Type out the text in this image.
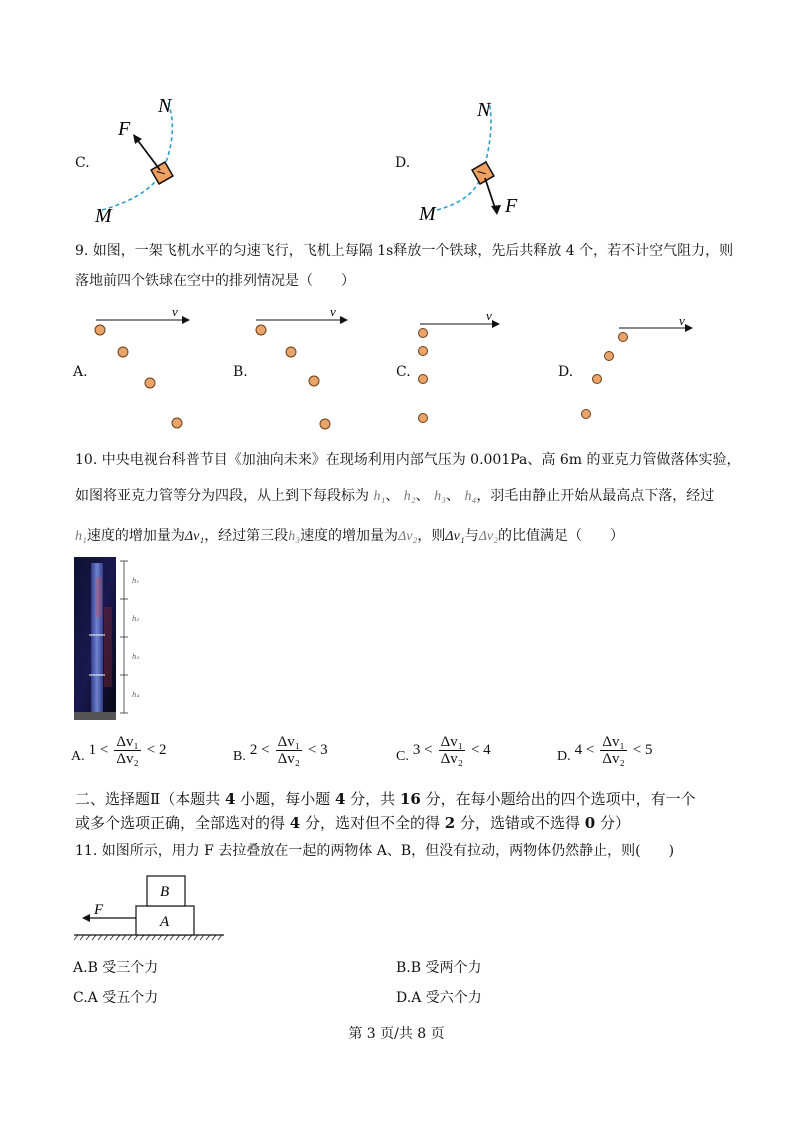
C.
F
N
M
D.
F
N
M
9. 如图，一架飞机水平的匀速飞行，飞机上每隔 1s释放一个铁球，先后共释放 4 个，若不计空气阻力，则
落地前四个铁球在空中的排列情况是（　　）
A.
v
B.
v
C.
v
D.
v
10. 中央电视台科普节目《加油向未来》在现场利用内部气压为 0.001Pa、高 6m 的亚克力管做落体实验，
如图将亚克力管等分为四段，从上到下每段标为 h₁、 h₂、 h₃、 h₄，羽毛由静止开始从最高点下落，经过
h₁速度的增加量为Δv₁，经过第三段h₃速度的增加量为Δv₂，则Δv₁与Δv₂的比值满足（　　）
h₁
h₂
h₃
h₄
A. $1 < \frac{\text{Δv₁}}{\text{Δv₂}} < 2$	B. $2 < \frac{\text{Δv₁}}{\text{Δv₂}} < 3$	C. $3 < \frac{\text{Δv₁}}{\text{Δv₂}} < 4$	D. $4 < \frac{\text{Δv₁}}{\text{Δv₂}} < 5$
二、选择题Ⅱ（本题共 4 小题，每小题 4 分，共 16 分，在每小题给出的四个选项中，有一个
或多个选项正确，全部选对的得 4 分，选对但不全的得 2 分，选错或不选得 0 分）
11. 如图所示，用力 F 去拉叠放在一起的两物体 A、B，但没有拉动，两物体仍然静止，则(　　)
B
A
F
A.B 受三个力	B.B 受两个力
C.A 受五个力	D.A 受六个力
第 3 页/共 8 页
